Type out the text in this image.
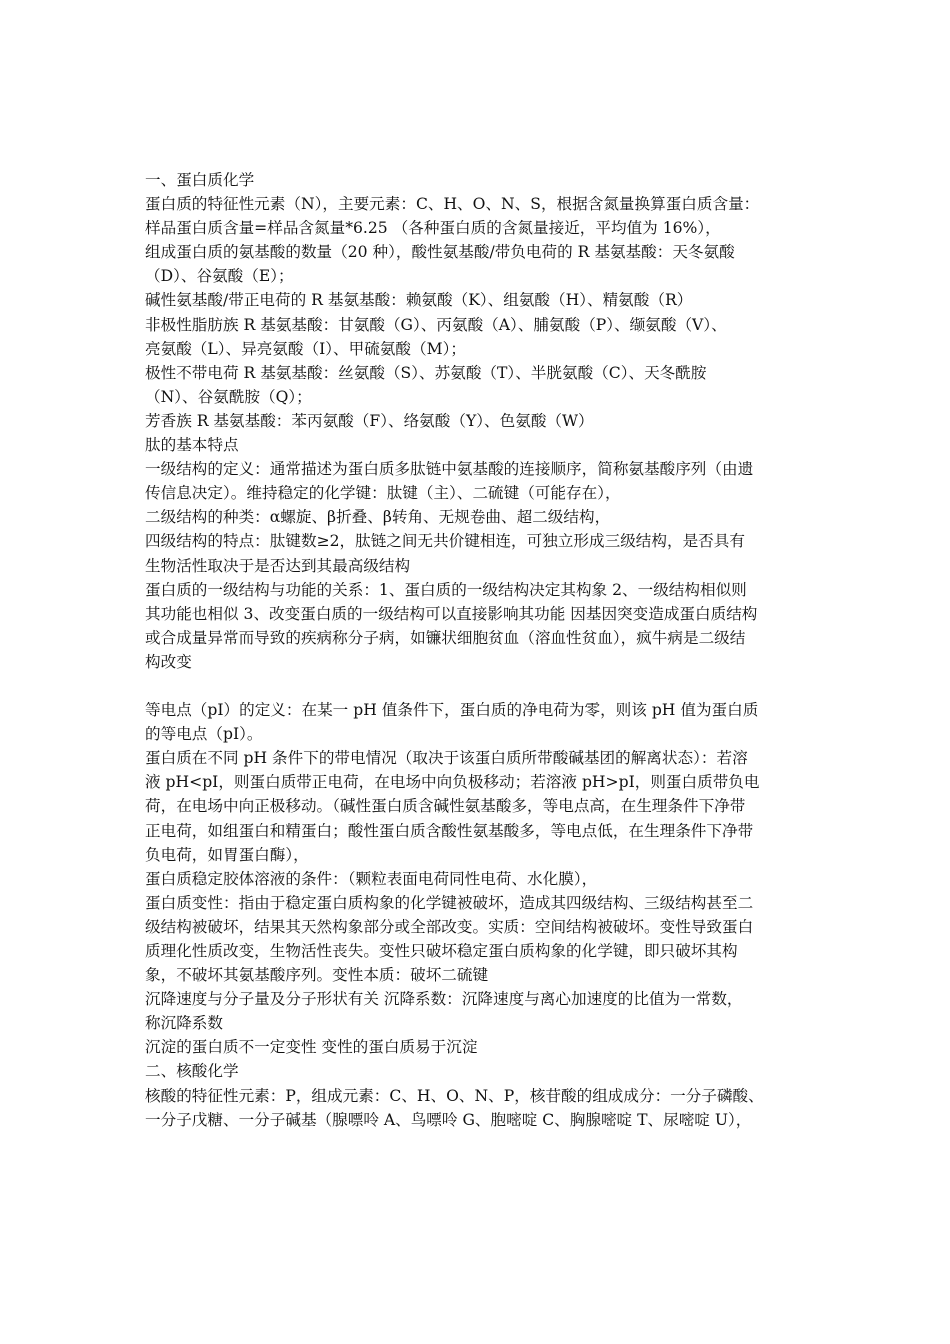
一、蛋白质化学
蛋白质的特征性元素（N），主要元素：C、H、O、N、S，根据含氮量换算蛋白质含量：
样品蛋白质含量=样品含氮量*6.25 （各种蛋白质的含氮量接近，平均值为 16%），
组成蛋白质的氨基酸的数量（20 种），酸性氨基酸/带负电荷的 R 基氨基酸：天冬氨酸
（D）、谷氨酸（E）；
碱性氨基酸/带正电荷的 R 基氨基酸：赖氨酸（K）、组氨酸（H）、精氨酸（R）
非极性脂肪族 R 基氨基酸：甘氨酸（G）、丙氨酸（A）、脯氨酸（P）、缬氨酸（V）、
亮氨酸（L）、异亮氨酸（I）、甲硫氨酸（M）；
极性不带电荷 R 基氨基酸：丝氨酸（S）、苏氨酸（T）、半胱氨酸（C）、天冬酰胺
（N）、谷氨酰胺（Q）；
芳香族 R 基氨基酸：苯丙氨酸（F）、络氨酸（Y）、色氨酸（W）
肽的基本特点
一级结构的定义：通常描述为蛋白质多肽链中氨基酸的连接顺序，简称氨基酸序列（由遗
传信息决定）。维持稳定的化学键：肽键（主）、二硫键（可能存在），
二级结构的种类：α螺旋、β折叠、β转角、无规卷曲、超二级结构，
四级结构的特点：肽键数≥2，肽链之间无共价键相连，可独立形成三级结构，是否具有
生物活性取决于是否达到其最高级结构
蛋白质的一级结构与功能的关系：1、蛋白质的一级结构决定其构象 2、一级结构相似则
其功能也相似 3、改变蛋白质的一级结构可以直接影响其功能 因基因突变造成蛋白质结构
或合成量异常而导致的疾病称分子病，如镰状细胞贫血（溶血性贫血），疯牛病是二级结
构改变
等电点（pI）的定义：在某一 pH 值条件下，蛋白质的净电荷为零，则该 pH 值为蛋白质
的等电点（pI）。
蛋白质在不同 pH 条件下的带电情况（取决于该蛋白质所带酸碱基团的解离状态）：若溶
液 pH<pI，则蛋白质带正电荷，在电场中向负极移动；若溶液 pH>pI，则蛋白质带负电
荷，在电场中向正极移动。（碱性蛋白质含碱性氨基酸多，等电点高，在生理条件下净带
正电荷，如组蛋白和精蛋白；酸性蛋白质含酸性氨基酸多，等电点低，在生理条件下净带
负电荷，如胃蛋白酶），
蛋白质稳定胶体溶液的条件：（颗粒表面电荷同性电荷、水化膜），
蛋白质变性：指由于稳定蛋白质构象的化学键被破坏，造成其四级结构、三级结构甚至二
级结构被破坏，结果其天然构象部分或全部改变。实质：空间结构被破坏。变性导致蛋白
质理化性质改变，生物活性丧失。变性只破坏稳定蛋白质构象的化学键，即只破坏其构
象，不破坏其氨基酸序列。变性本质：破坏二硫键
沉降速度与分子量及分子形状有关 沉降系数：沉降速度与离心加速度的比值为一常数，
称沉降系数
沉淀的蛋白质不一定变性 变性的蛋白质易于沉淀
二、核酸化学
核酸的特征性元素：P，组成元素：C、H、O、N、P，核苷酸的组成成分：一分子磷酸、
一分子戊糖、一分子碱基（腺嘌呤 A、鸟嘌呤 G、胞嘧啶 C、胸腺嘧啶 T、尿嘧啶 U），
